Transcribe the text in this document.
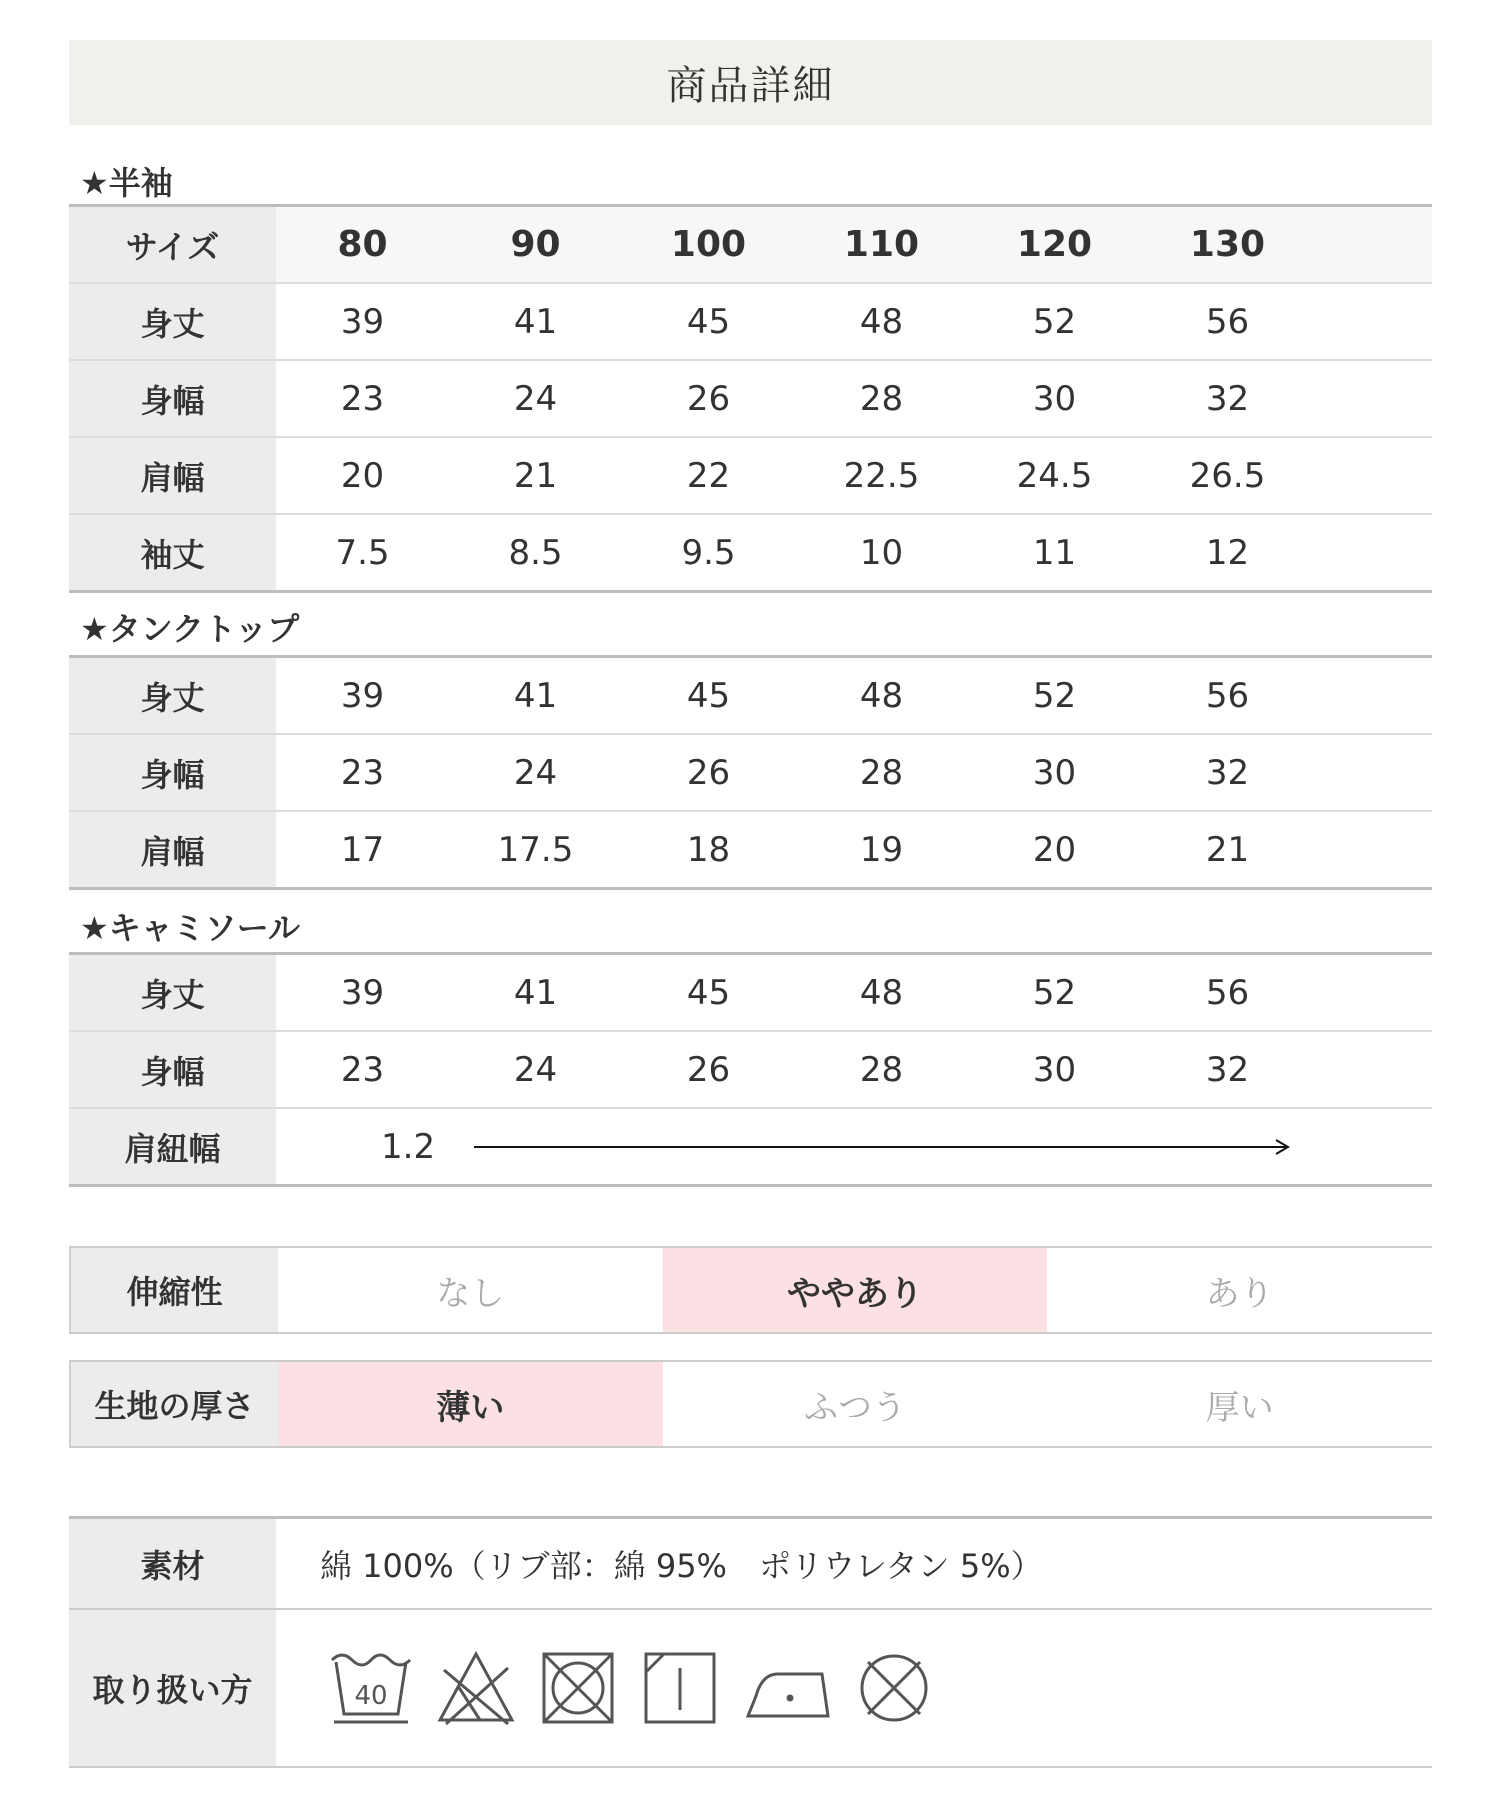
商品詳細
★半袖
サイズ	80	90	100	110	120	130	
身丈	39	41	45	48	52	56	
身幅	23	24	26	28	30	32	
肩幅	20	21	22	22.5	24.5	26.5	
袖丈	7.5	8.5	9.5	10	11	12	
★タンクトップ
身丈	39	41	45	48	52	56	
身幅	23	24	26	28	30	32	
肩幅	17	17.5	18	19	20	21	
★キャミソール
身丈	39	41	45	48	52	56	
身幅	23	24	26	28	30	32	
肩紐幅	1.2						
伸縮性	なし	ややあり	あり
生地の厚さ	薄い	ふつう	厚い
素材	綿 100%（リブ部：綿 95%　ポリウレタン 5%）
取り扱い方	40
